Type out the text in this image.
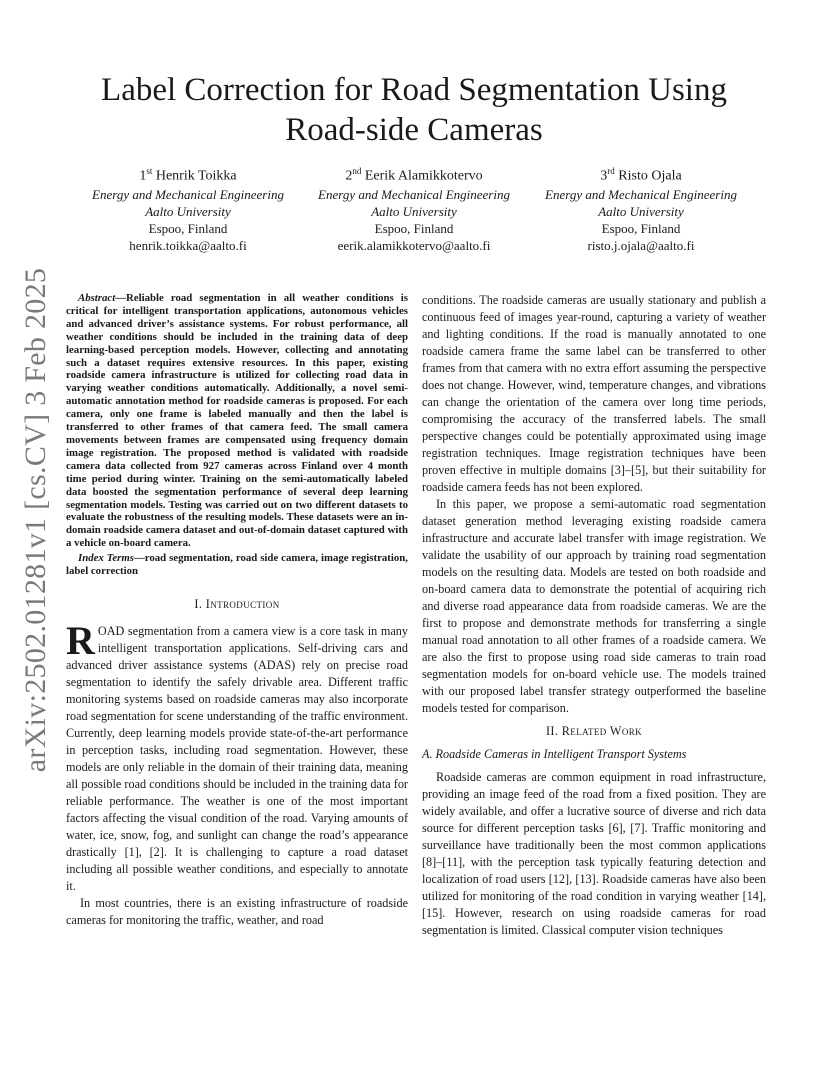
arXiv:2502.01281v1 [cs.CV] 3 Feb 2025
Label Correction for Road Segmentation Using Road-side Cameras
1st Henrik Toikka
Energy and Mechanical Engineering
Aalto University
Espoo, Finland
henrik.toikka@aalto.fi
2nd Eerik Alamikkotervo
Energy and Mechanical Engineering
Aalto University
Espoo, Finland
eerik.alamikkotervo@aalto.fi
3rd Risto Ojala
Energy and Mechanical Engineering
Aalto University
Espoo, Finland
risto.j.ojala@aalto.fi

Abstract—Reliable road segmentation in all weather conditions is critical for intelligent transportation applications, autonomous vehicles and advanced driver’s assistance systems. For robust performance, all weather conditions should be included in the training data of deep learning-based perception models. However, collecting and annotating such a dataset requires extensive resources. In this paper, existing roadside camera infrastructure is utilized for collecting road data in varying weather conditions automatically. Additionally, a novel semi-automatic annotation method for roadside cameras is proposed. For each camera, only one frame is labeled manually and then the label is transferred to other frames of that camera feed. The small camera movements between frames are compensated using frequency domain image registration. The proposed method is validated with roadside camera data collected from 927 cameras across Finland over 4 month time period during winter. Training on the semi-automatically labeled data boosted the segmentation performance of several deep learning segmentation models. Testing was carried out on two different datasets to evaluate the robustness of the resulting models. These datasets were an in-domain roadside camera dataset and out-of-domain dataset captured with a vehicle on-board camera.

Index Terms—road segmentation, road side camera, image registration, label correction

I. Introduction

ROAD segmentation from a camera view is a core task in many intelligent transportation applications. Self-driving cars and advanced driver assistance systems (ADAS) rely on precise road segmentation to identify the safely drivable area. Different traffic monitoring systems based on roadside cameras may also incorporate road segmentation for scene understanding of the traffic environment. Currently, deep learning models provide state-of-the-art performance in perception tasks, including road segmentation. However, these models are only reliable in the domain of their training data, meaning all possible road conditions should be included in the training data for reliable performance. The weather is one of the most important factors affecting the visual condition of the road. Varying amounts of water, ice, snow, fog, and sunlight can change the road’s appearance drastically [1], [2]. It is challenging to capture a road dataset including all possible weather conditions, and especially to annotate it.

In most countries, there is an existing infrastructure of roadside cameras for monitoring the traffic, weather, and road

conditions. The roadside cameras are usually stationary and publish a continuous feed of images year-round, capturing a variety of weather and lighting conditions. If the road is manually annotated to one roadside camera frame the same label can be transferred to other frames from that camera with no extra effort assuming the perspective does not change. However, wind, temperature changes, and vibrations can change the orientation of the camera over long time periods, compromising the accuracy of the transferred labels. The small perspective changes could be potentially approximated using image registration techniques. Image registration techniques have been proven effective in multiple domains [3]–[5], but their suitability for roadside camera feeds has not been explored.

In this paper, we propose a semi-automatic road segmentation dataset generation method leveraging existing roadside camera infrastructure and accurate label transfer with image registration. We validate the usability of our approach by training road segmentation models on the resulting data. Models are tested on both roadside and on-board camera data to demonstrate the potential of acquiring rich and diverse road appearance data from roadside cameras. We are the first to propose and demonstrate methods for transferring a single manual road annotation to all other frames of a roadside camera. We are also the first to propose using road side cameras to train road segmentation models for on-board vehicle use. The models trained with our proposed label transfer strategy outperformed the baseline models tested for comparison.

II. Related Work
A. Roadside Cameras in Intelligent Transport Systems

Roadside cameras are common equipment in road infrastructure, providing an image feed of the road from a fixed position. They are widely available, and offer a lucrative source of diverse and rich data source for different perception tasks [6], [7]. Traffic monitoring and surveillance have traditionally been the most common applications [8]–[11], with the perception task typically featuring detection and localization of road users [12], [13]. Roadside cameras have also been utilized for monitoring of the road condition in varying weather [14], [15]. However, research on using roadside cameras for road segmentation is limited. Classical computer vision techniques
